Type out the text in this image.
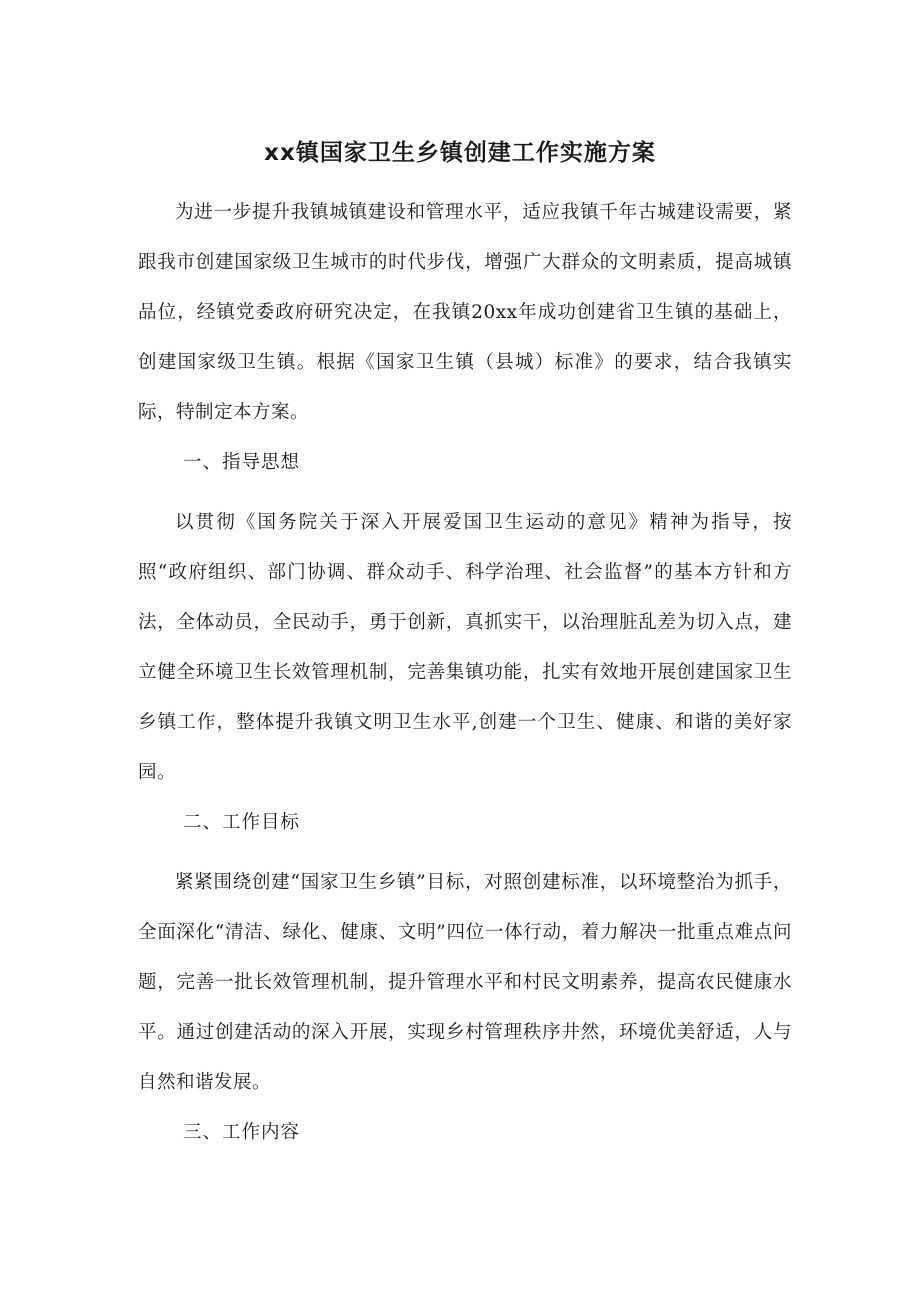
xx镇国家卫生乡镇创建工作实施方案

为进一步提升我镇城镇建设和管理水平，适应我镇千年古城建设需要，紧跟我市创建国家级卫生城市的时代步伐，增强广大群众的文明素质，提高城镇品位，经镇党委政府研究决定，在我镇20xx年成功创建省卫生镇的基础上，创建国家级卫生镇。根据《国家卫生镇（县城）标准》的要求，结合我镇实际，特制定本方案。

一、指导思想

以贯彻《国务院关于深入开展爱国卫生运动的意见》精神为指导，按照“政府组织、部门协调、群众动手、科学治理、社会监督”的基本方针和方法，全体动员，全民动手，勇于创新，真抓实干，以治理脏乱差为切入点，建立健全环境卫生长效管理机制，完善集镇功能，扎实有效地开展创建国家卫生乡镇工作，整体提升我镇文明卫生水平,创建一个卫生、健康、和谐的美好家园。

二、工作目标

紧紧围绕创建“国家卫生乡镇”目标，对照创建标准，以环境整治为抓手，全面深化“清洁、绿化、健康、文明”四位一体行动，着力解决一批重点难点问题，完善一批长效管理机制，提升管理水平和村民文明素养，提高农民健康水平。通过创建活动的深入开展，实现乡村管理秩序井然，环境优美舒适，人与自然和谐发展。

三、工作内容
